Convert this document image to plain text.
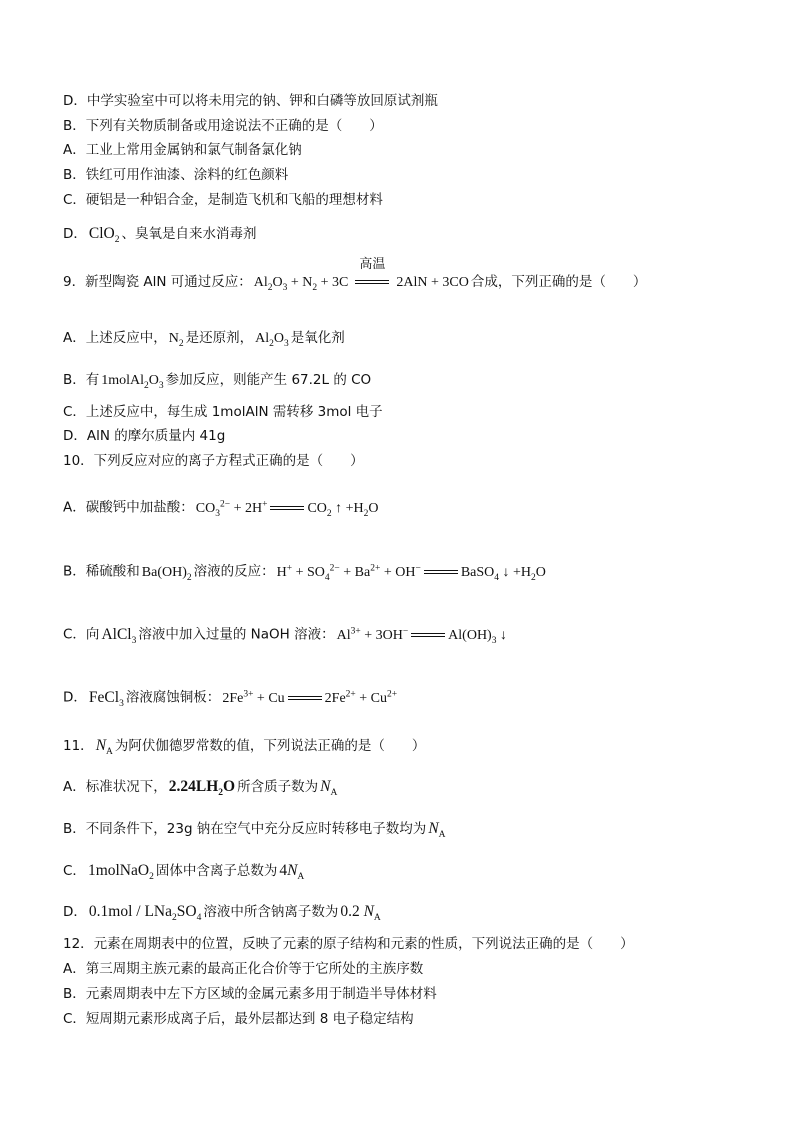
D．中学实验室中可以将未用完的钠、钾和白磷等放回原试剂瓶
B．下列有关物质制备或用途说法不正确的是（　　）
A．工业上常用金属钠和氯气制备氯化钠
B．铁红可用作油漆、涂料的红色颜料
C．硬铝是一种铝合金，是制造飞机和飞船的理想材料
D． ClO$_2$ 、臭氧是自来水消毒剂
9．新型陶瓷 AlN 可通过反应： $Al_2O_3 + N_2 + 3C$
高温
2AlN + 3CO 合成，下列正确的是（　　）
A．上述反应中， $N_2$ 是还原剂， $Al_2O_3$ 是氧化剂
B．有 $1molAl_2O_3$ 参加反应，则能产生 67.2L 的 CO
C．上述反应中，每生成 1molAlN 需转移 3mol 电子
D．AlN 的摩尔质量内 41g
10．下列反应对应的离子方程式正确的是（　　）
A．碳酸钙中加盐酸： $CO_3^{2-} + 2H^+$	$CO_2$ ↑ $+H_2O$
B．稀硫酸和 $Ba(OH)_2$ 溶液的反应： $H^+ + SO_4^{2-} + Ba^{2+} + OH^-$	BaSO$_4$ ↓ $+H_2O$
C．向 AlCl$_3$ 溶液中加入过量的 NaOH 溶液： $Al^{3+} + 3OH^-$	$Al(OH)_3$ ↓
D． FeCl$_3$ 溶液腐蚀铜板： $2Fe^{3+} + Cu$	$2Fe^{2+} + Cu^{2+}$
11． $N_A$ 为阿伏伽德罗常数的值，下列说法正确的是（　　）
A．标准状况下， $2.24LH_2O$ 所含质子数为 $N_A$
B．不同条件下，23g 钠在空气中充分反应时转移电子数均为 $N_A$
C． 1molNaO$_2$ 固体中含离子总数为 $4N_A$
D． $0.1mol / LNa_2SO_4$ 溶液中所含钠离子数为 0.2 $N_A$
12．元素在周期表中的位置，反映了元素的原子结构和元素的性质，下列说法正确的是（　　）
A．第三周期主族元素的最高正化合价等于它所处的主族序数
B．元素周期表中左下方区域的金属元素多用于制造半导体材料
C．短周期元素形成离子后，最外层都达到 8 电子稳定结构
